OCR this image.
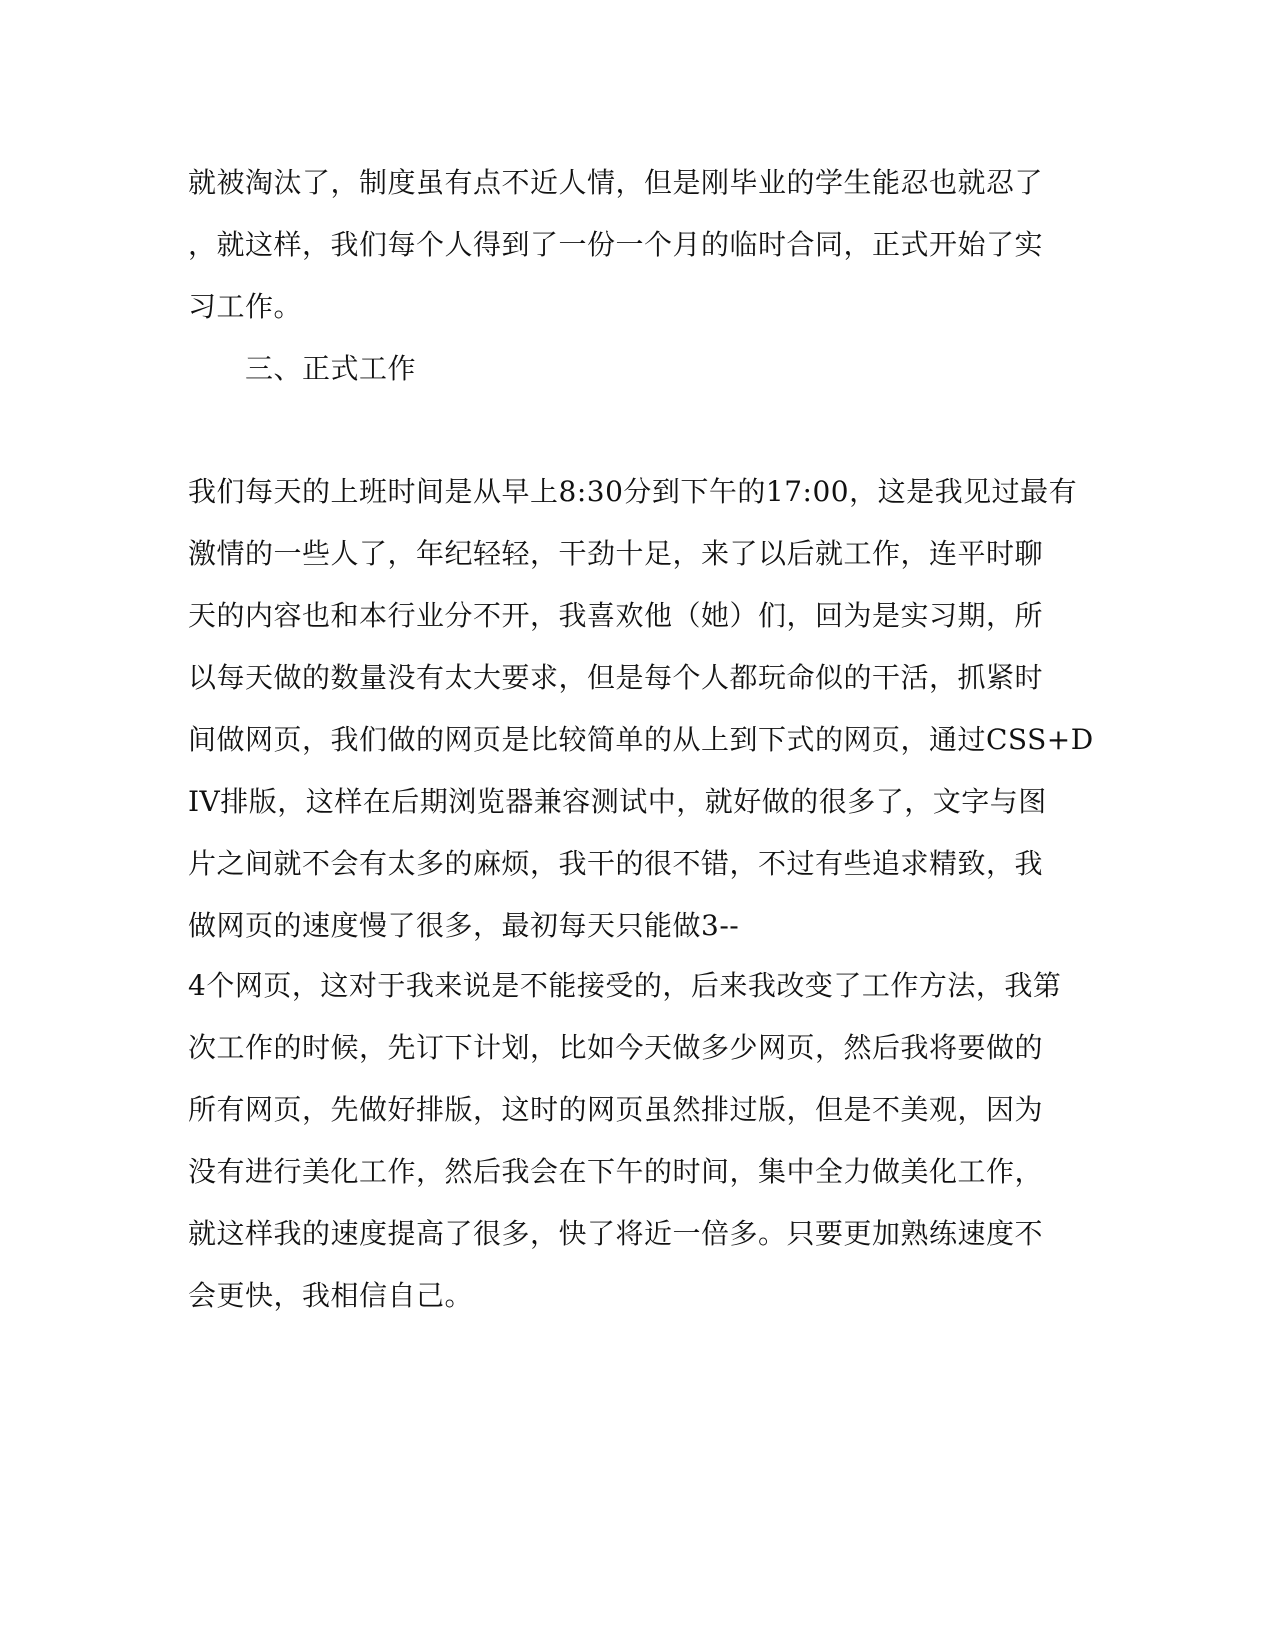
就被淘汰了，制度虽有点不近人情，但是刚毕业的学生能忍也就忍了
，就这样，我们每个人得到了一份一个月的临时合同，正式开始了实
习工作。
三、正式工作
我们每天的上班时间是从早上8:30分到下午的17:00，这是我见过最有
激情的一些人了，年纪轻轻，干劲十足，来了以后就工作，连平时聊
天的内容也和本行业分不开，我喜欢他（她）们，回为是实习期，所
以每天做的数量没有太大要求，但是每个人都玩命似的干活，抓紧时
间做网页，我们做的网页是比较简单的从上到下式的网页，通过CSS+D
IV排版，这样在后期浏览器兼容测试中，就好做的很多了，文字与图
片之间就不会有太多的麻烦，我干的很不错，不过有些追求精致，我
做网页的速度慢了很多，最初每天只能做3--
4个网页，这对于我来说是不能接受的，后来我改变了工作方法，我第
次工作的时候，先订下计划，比如今天做多少网页，然后我将要做的
所有网页，先做好排版，这时的网页虽然排过版，但是不美观，因为
没有进行美化工作，然后我会在下午的时间，集中全力做美化工作，
就这样我的速度提高了很多，快了将近一倍多。只要更加熟练速度不
会更快，我相信自己。
